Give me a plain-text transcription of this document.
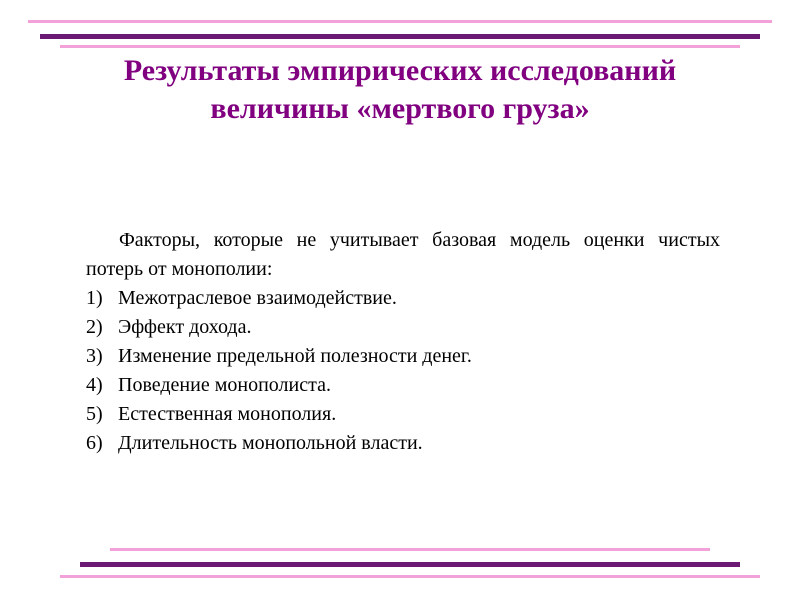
Результаты эмпирических исследований величины «мертвого груза»

Факторы, которые не учитывает базовая модель оценки чистых потерь от монополии:

1) Межотраслевое взаимодействие.
2) Эффект дохода.
3) Изменение предельной полезности денег.
4) Поведение монополиста.
5) Естественная монополия.
6) Длительность монопольной власти.
